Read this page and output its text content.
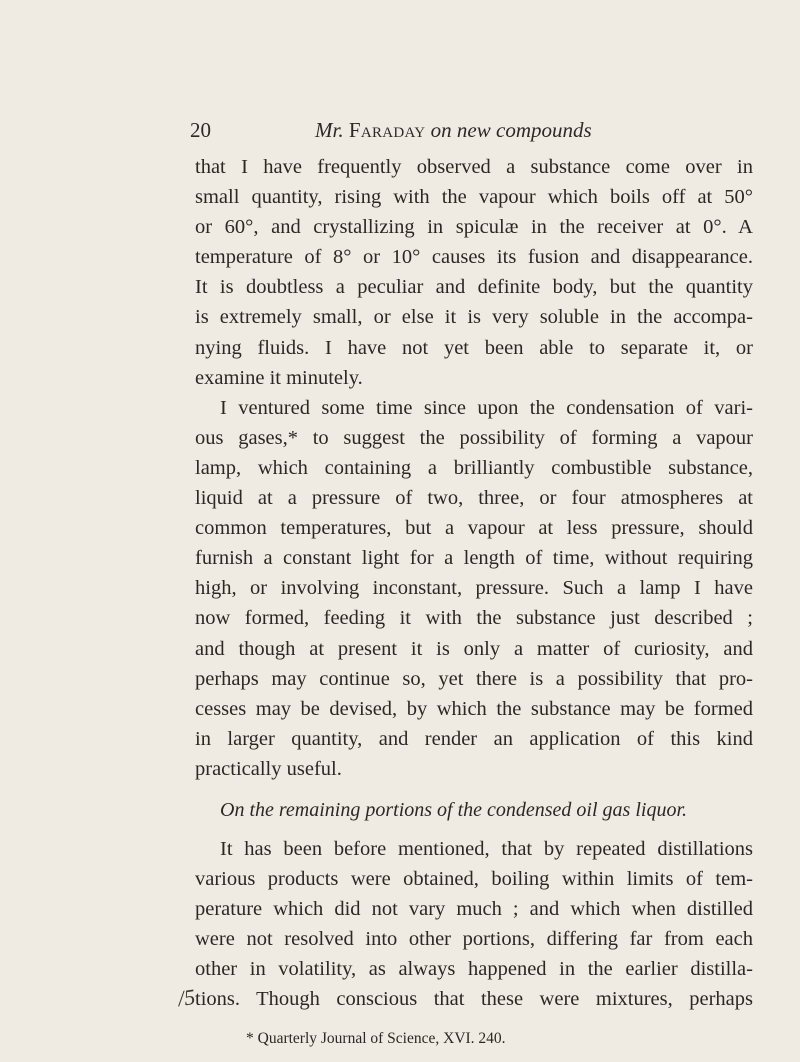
20	Mr. Faraday on new compounds
that I have frequently observed a substance come over in
small quantity, rising with the vapour which boils off at 50°
or 60°, and crystallizing in spiculæ in the receiver at 0°. A
temperature of 8° or 10° causes its fusion and disappearance.
It is doubtless a peculiar and definite body, but the quantity
is extremely small, or else it is very soluble in the accompa-
nying fluids. I have not yet been able to separate it, or
examine it minutely.
I ventured some time since upon the condensation of vari-
ous gases,* to suggest the possibility of forming a vapour
lamp, which containing a brilliantly combustible substance,
liquid at a pressure of two, three, or four atmospheres at
common temperatures, but a vapour at less pressure, should
furnish a constant light for a length of time, without requiring
high, or involving inconstant, pressure. Such a lamp I have
now formed, feeding it with the substance just described ;
and though at present it is only a matter of curiosity, and
perhaps may continue so, yet there is a possibility that pro-
cesses may be devised, by which the substance may be formed
in larger quantity, and render an application of this kind
practically useful.
On the remaining portions of the condensed oil gas liquor.
It has been before mentioned, that by repeated distillations
various products were obtained, boiling within limits of tem-
perature which did not vary much ; and which when distilled
were not resolved into other portions, differing far from each
other in volatility, as always happened in the earlier distilla-
tions. Though conscious that these were mixtures, perhaps
/5
* Quarterly Journal of Science, XVI. 240.
